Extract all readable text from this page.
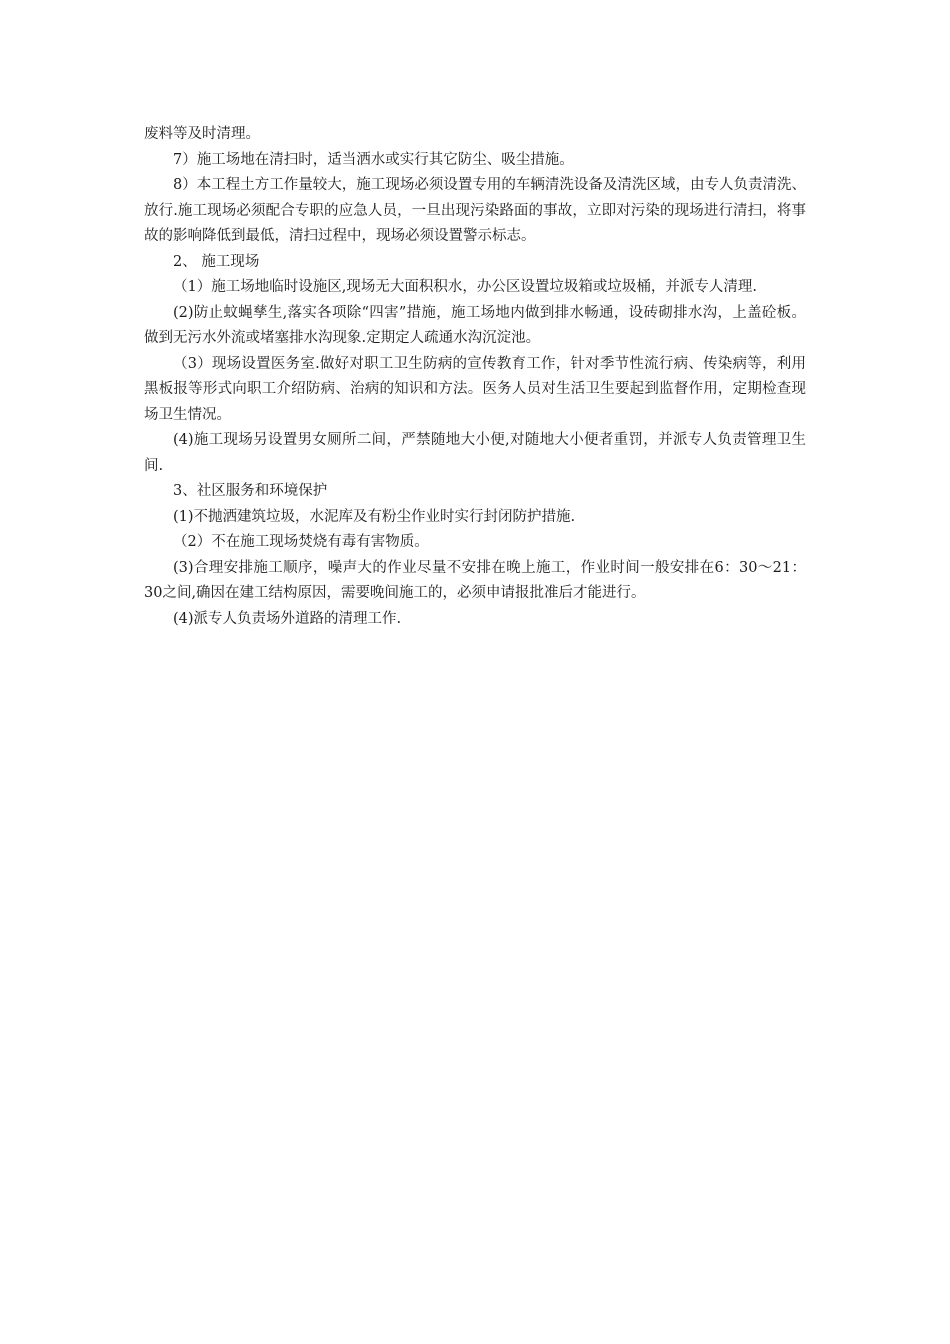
废料等及时清理。

7）施工场地在清扫时，适当洒水或实行其它防尘、吸尘措施。

8）本工程土方工作量较大，施工现场必须设置专用的车辆清洗设备及清洗区域，由专人负责清洗、放行.施工现场必须配合专职的应急人员，一旦出现污染路面的事故，立即对污染的现场进行清扫，将事故的影响降低到最低，清扫过程中，现场必须设置警示标志。

2、 施工现场

（1）施工场地临时设施区,现场无大面积积水，办公区设置垃圾箱或垃圾桶，并派专人清理.

(2)防止蚊蝇孳生,落实各项除“四害”措施，施工场地内做到排水畅通，设砖砌排水沟，上盖砼板。做到无污水外流或堵塞排水沟现象.定期定人疏通水沟沉淀池。

（3）现场设置医务室.做好对职工卫生防病的宣传教育工作，针对季节性流行病、传染病等，利用黑板报等形式向职工介绍防病、治病的知识和方法。医务人员对生活卫生要起到监督作用，定期检查现场卫生情况。

(4)施工现场另设置男女厕所二间，严禁随地大小便,对随地大小便者重罚，并派专人负责管理卫生间.

3、社区服务和环境保护

(1)不抛洒建筑垃圾，水泥库及有粉尘作业时实行封闭防护措施.

（2）不在施工现场焚烧有毒有害物质。

(3)合理安排施工顺序，噪声大的作业尽量不安排在晚上施工，作业时间一般安排在6：30～21：30之间,确因在建工结构原因，需要晚间施工的，必须申请报批准后才能进行。

(4)派专人负责场外道路的清理工作.
